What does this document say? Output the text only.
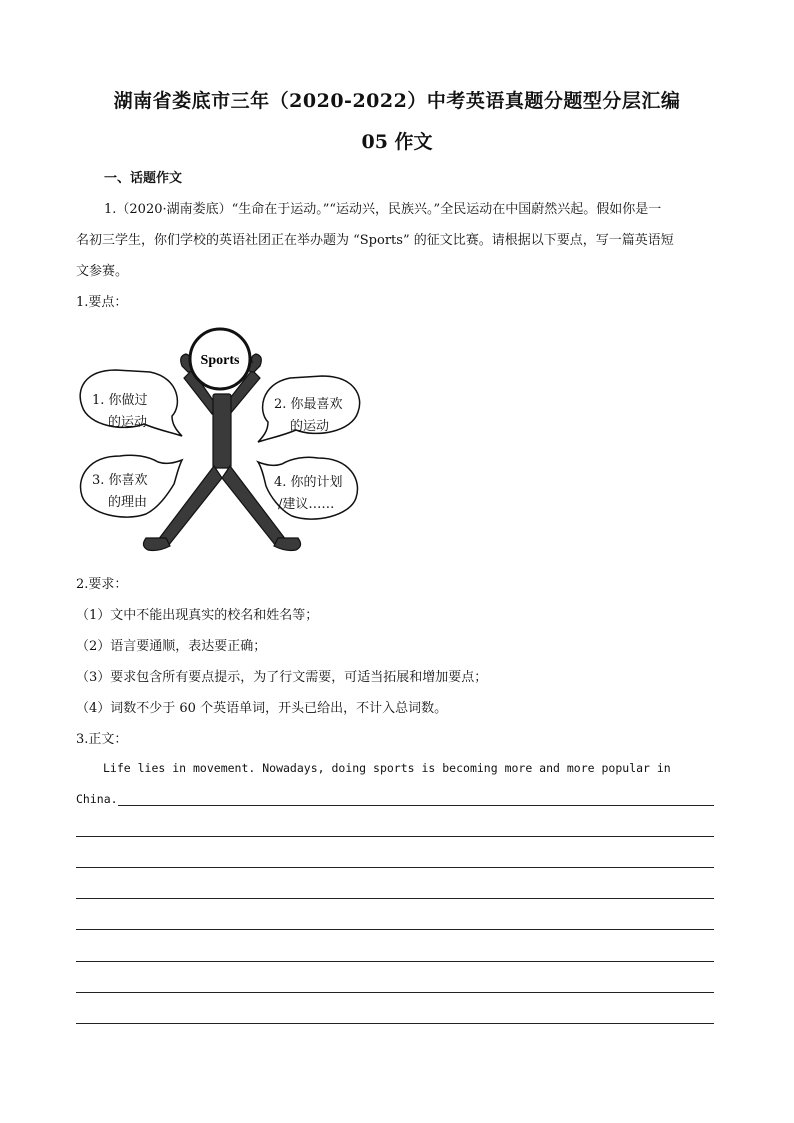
湖南省娄底市三年（2020-2022）中考英语真题分题型分层汇编
05 作文
一、话题作文
1.（2020·湖南娄底）“生命在于运动。”“运动兴，民族兴。”全民运动在中国蔚然兴起。假如你是一
名初三学生，你们学校的英语社团正在举办题为 “Sports” 的征文比赛。请根据以下要点，写一篇英语短
文参赛。
1.要点：
Sports
1. 你做过
的运动
2. 你最喜欢
的运动
3. 你喜欢
的理由
4. 你的计划
/建议……
2.要求：
（1）文中不能出现真实的校名和姓名等；
（2）语言要通顺，表达要正确；
（3）要求包含所有要点提示，为了行文需要，可适当拓展和增加要点；
（4）词数不少于 60 个英语单词，开头已给出，不计入总词数。
3.正文：
Life lies in movement. Nowadays, doing sports is becoming more and more popular in
China.
